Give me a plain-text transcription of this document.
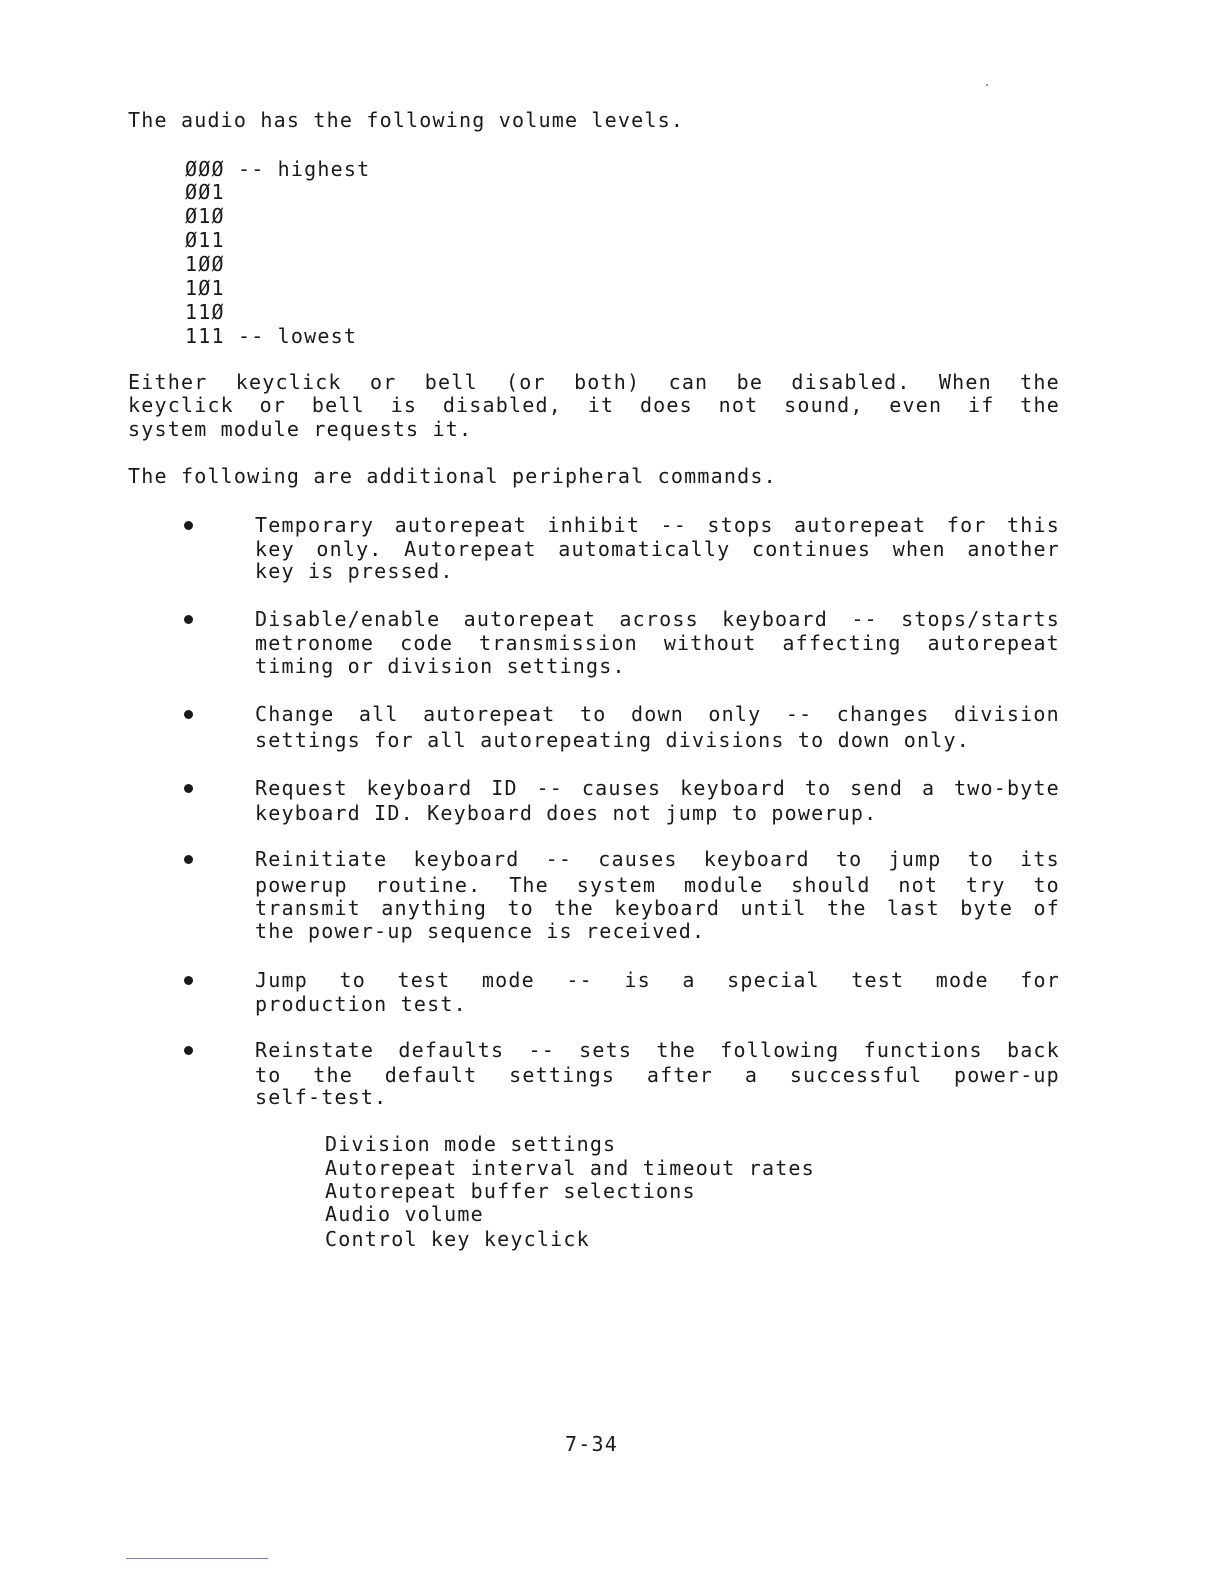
The audio has the following volume levels.
ØØØ -- highest
ØØ1
Ø1Ø
Ø11
1ØØ
1Ø1
11Ø
111 -- lowest
Either keyclick or bell (or both) can be disabled. When the
keyclick or bell is disabled, it does not sound, even if the
system module requests it.
The following are additional peripheral commands.
Temporary autorepeat inhibit -- stops autorepeat for this
key only. Autorepeat automatically continues when another
key is pressed.
Disable/enable autorepeat across keyboard -- stops/starts
metronome code transmission without affecting autorepeat
timing or division settings.
Change all autorepeat to down only -- changes division
settings for all autorepeating divisions to down only.
Request keyboard ID -- causes keyboard to send a two-byte
keyboard ID. Keyboard does not jump to powerup.
Reinitiate keyboard -- causes keyboard to jump to its
powerup routine. The system module should not try to
transmit anything to the keyboard until the last byte of
the power-up sequence is received.
Jump to test mode -- is a special test mode for
production test.
Reinstate defaults -- sets the following functions back
to the default settings after a successful power-up
self-test.
Division mode settings
Autorepeat interval and timeout rates
Autorepeat buffer selections
Audio volume
Control key keyclick
7-34
